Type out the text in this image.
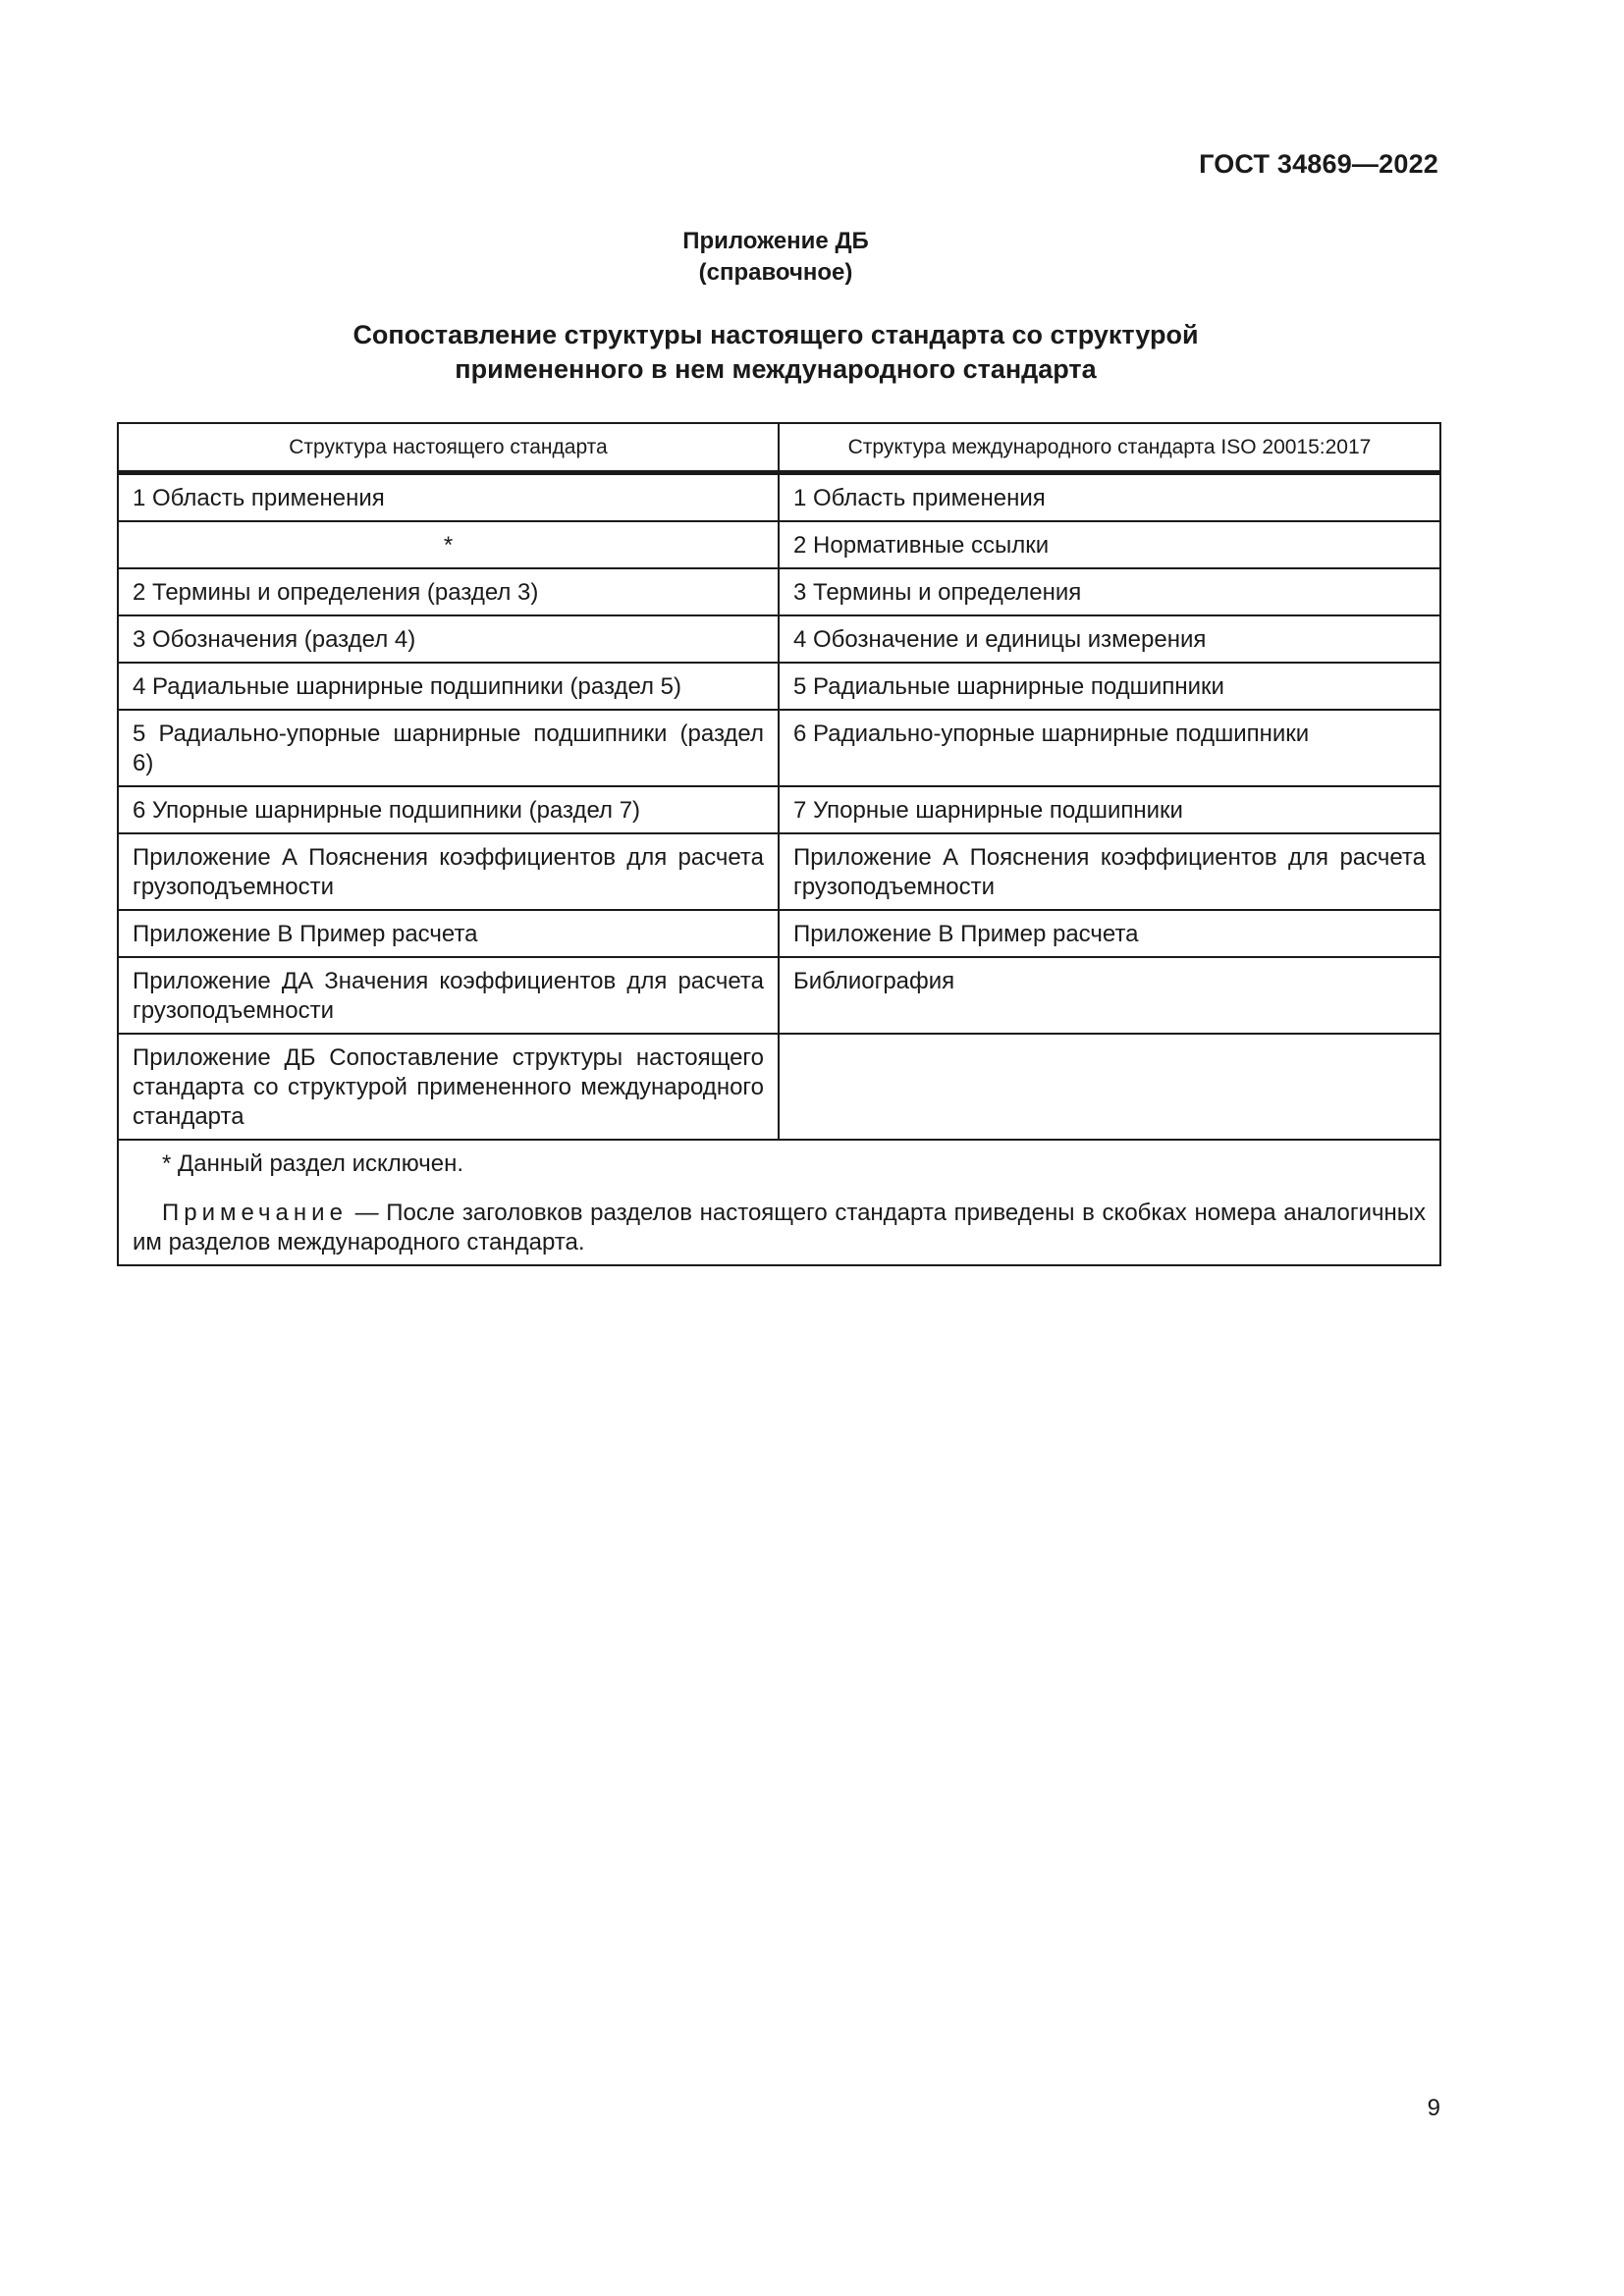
ГОСТ 34869—2022
Приложение ДБ
(справочное)
Сопоставление структуры настоящего стандарта со структурой
примененного в нем международного стандарта
Структура настоящего стандарта	Структура международного стандарта ISO 20015:2017
1 Область применения	1 Область применения
*	2 Нормативные ссылки
2 Термины и определения (раздел 3)	3 Термины и определения
3 Обозначения (раздел 4)	4 Обозначение и единицы измерения
4 Радиальные шарнирные подшипники (раздел 5)	5 Радиальные шарнирные подшипники
5 Радиально-упорные шарнирные подшипники (раздел 6)	6 Радиально-упорные шарнирные подшипники
6 Упорные шарнирные подшипники (раздел 7)	7 Упорные шарнирные подшипники
Приложение А Пояснения коэффициентов для расчета грузоподъемности	Приложение А Пояснения коэффициентов для расчета грузоподъемности
Приложение В Пример расчета	Приложение В Пример расчета
Приложение ДА Значения коэффициентов для расчета грузоподъемности	Библиография
Приложение ДБ Сопоставление структуры настоящего стандарта со структурой примененного международного стандарта	

* Данный раздел исключен.
Примечание — После заголовков разделов настоящего стандарта приведены в скобках номера аналогичных им разделов международного стандарта.	
9
